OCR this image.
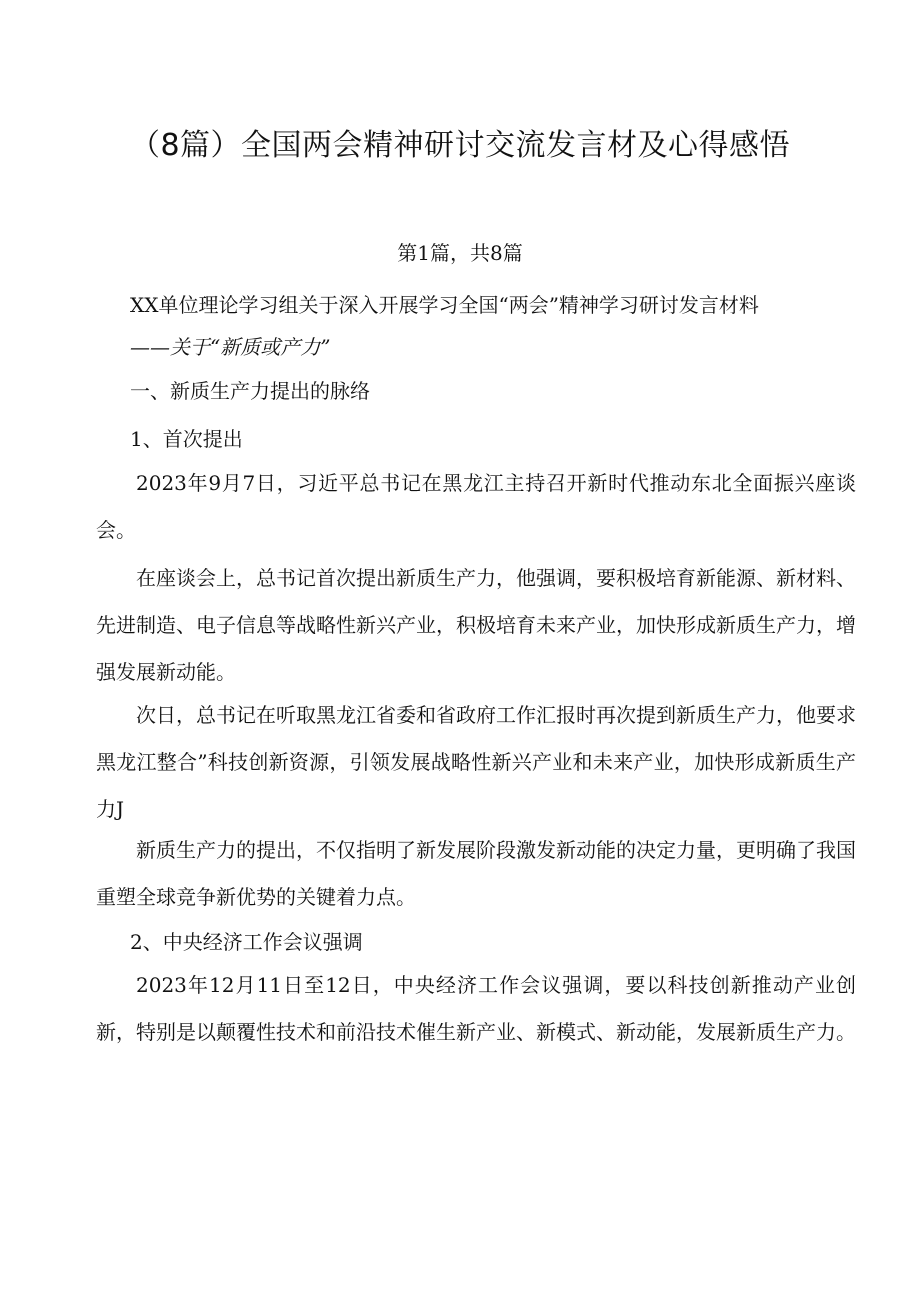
（8篇）全国两会精神研讨交流发言材及心得感悟
第1篇，共8篇
XX单位理论学习组关于深入开展学习全国“两会”精神学习研讨发言材料
——关于“新质或产力”
一、新质生产力提出的脉络
1、首次提出

2023年9月7日，习近平总书记在黑龙江主持召开新时代推动东北全面振兴座谈会。

在座谈会上，总书记首次提出新质生产力，他强调，要积极培育新能源、新材料、先进制造、电子信息等战略性新兴产业，积极培育未来产业，加快形成新质生产力，增强发展新动能。

次日，总书记在听取黑龙江省委和省政府工作汇报时再次提到新质生产力，他要求黑龙江整合”科技创新资源，引领发展战略性新兴产业和未来产业，加快形成新质生产力J

新质生产力的提出，不仅指明了新发展阶段激发新动能的决定力量，更明确了我国重塑全球竞争新优势的关键着力点。

2、中央经济工作会议强调

2023年12月11日至12日，中央经济工作会议强调，要以科技创新推动产业创新，特别是以颠覆性技术和前沿技术催生新产业、新模式、新动能，发展新质生产力。
